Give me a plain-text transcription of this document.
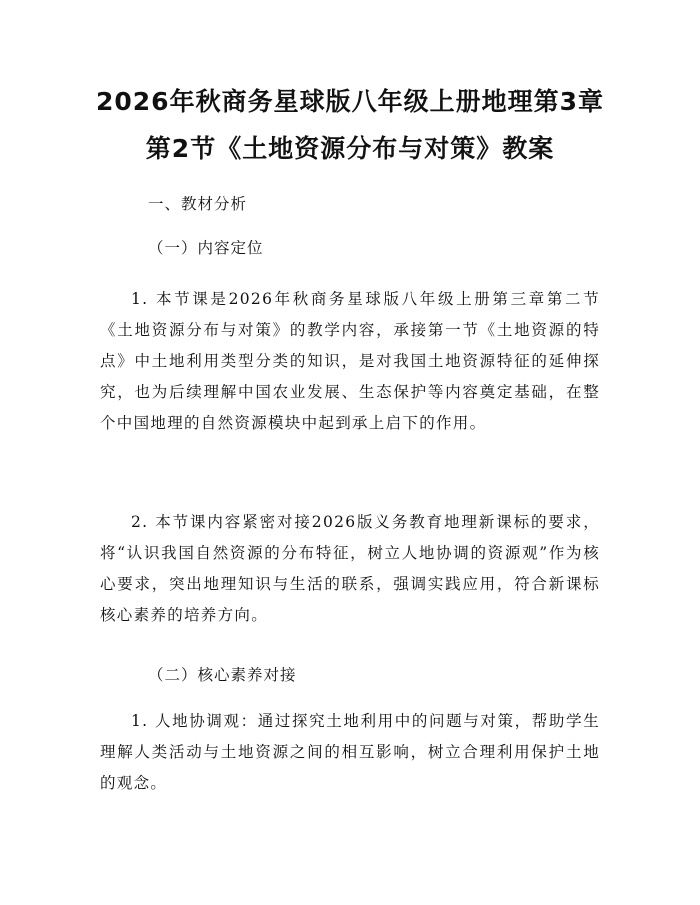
2026年秋商务星球版八年级上册地理第3章
第2节《土地资源分布与对策》教案
一、教材分析
（一）内容定位

1. 本节课是2026年秋商务星球版八年级上册第三章第二节《土地资源分布与对策》的教学内容，承接第一节《土地资源的特点》中土地利用类型分类的知识，是对我国土地资源特征的延伸探究，也为后续理解中国农业发展、生态保护等内容奠定基础，在整个中国地理的自然资源模块中起到承上启下的作用。

2. 本节课内容紧密对接2026版义务教育地理新课标的要求，将“认识我国自然资源的分布特征，树立人地协调的资源观”作为核心要求，突出地理知识与生活的联系，强调实践应用，符合新课标核心素养的培养方向。

（二）核心素养对接

1. 人地协调观：通过探究土地利用中的问题与对策，帮助学生理解人类活动与土地资源之间的相互影响，树立合理利用保护土地的观念。
